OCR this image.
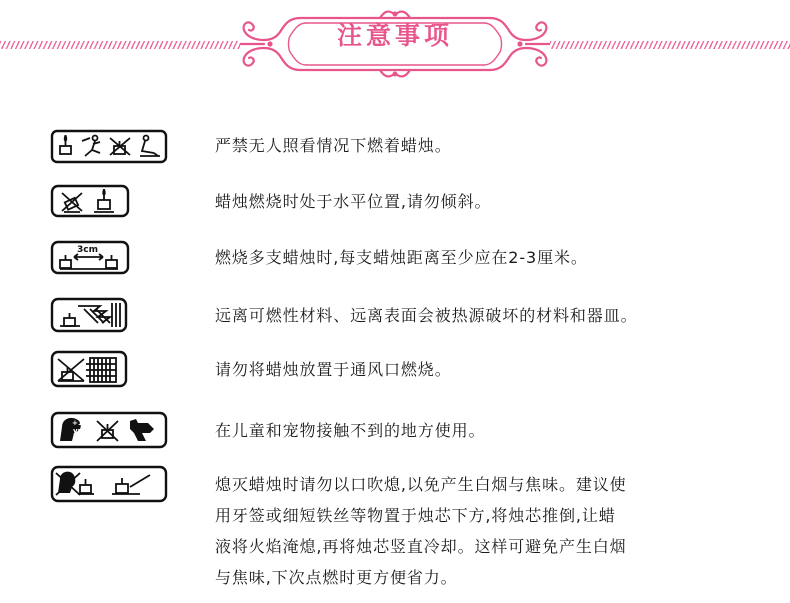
注意事项
严禁无人照看情况下燃着蜡烛。
蜡烛燃烧时处于水平位置,请勿倾斜。
3cm	燃烧多支蜡烛时,每支蜡烛距离至少应在2-3厘米。
远离可燃性材料、远离表面会被热源破坏的材料和器皿。
请勿将蜡烛放置于通风口燃烧。
+15
yrs	在儿童和宠物接触不到的地方使用。
熄灭蜡烛时请勿以口吹熄,以免产生白烟与焦味。建议使
用牙签或细短铁丝等物置于烛芯下方,将烛芯推倒,让蜡
液将火焰淹熄,再将烛芯竖直冷却。这样可避免产生白烟
与焦味,下次点燃时更方便省力。
